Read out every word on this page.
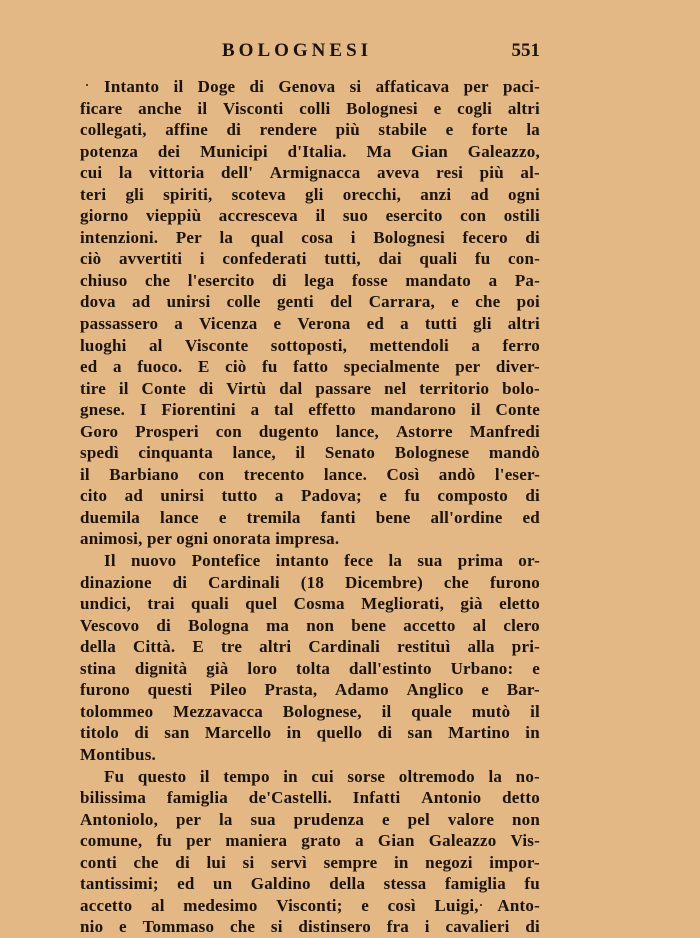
BOLOGNESI	551
Intanto il Doge di Genova si affaticava per paci-
ficare anche il Visconti colli Bolognesi e cogli altri
collegati, affine di rendere più stabile e forte la
potenza dei Municipi d'Italia. Ma Gian Galeazzo,
cui la vittoria dell' Armignacca aveva resi più al-
teri gli spiriti, scoteva gli orecchi, anzi ad ogni
giorno vieppiù accresceva il suo esercito con ostili
intenzioni. Per la qual cosa i Bolognesi fecero di
ciò avvertiti i confederati tutti, dai quali fu con-
chiuso che l'esercito di lega fosse mandato a Pa-
dova ad unirsi colle genti del Carrara, e che poi
passassero a Vicenza e Verona ed a tutti gli altri
luoghi al Visconte sottoposti, mettendoli a ferro
ed a fuoco. E ciò fu fatto specialmente per diver-
tire il Conte di Virtù dal passare nel territorio bolo-
gnese. I Fiorentini a tal effetto mandarono il Conte
Goro Prosperi con dugento lance, Astorre Manfredi
spedì cinquanta lance, il Senato Bolognese mandò
il Barbiano con trecento lance. Così andò l'eser-
cito ad unirsi tutto a Padova; e fu composto di
duemila lance e tremila fanti bene all'ordine ed
animosi, per ogni onorata impresa.
Il nuovo Pontefice intanto fece la sua prima or-
dinazione di Cardinali (18 Dicembre) che furono
undici, trai quali quel Cosma Megliorati, già eletto
Vescovo di Bologna ma non bene accetto al clero
della Città. E tre altri Cardinali restituì alla pri-
stina dignità già loro tolta dall'estinto Urbano: e
furono questi Pileo Prasta, Adamo Anglico e Bar-
tolommeo Mezzavacca Bolognese, il quale mutò il
titolo di san Marcello in quello di san Martino in
Montibus.
Fu questo il tempo in cui sorse oltremodo la no-
bilissima famiglia de'Castelli. Infatti Antonio detto
Antoniolo, per la sua prudenza e pel valore non
comune, fu per maniera grato a Gian Galeazzo Vis-
conti che di lui si servì sempre in negozi impor-
tantissimi; ed un Galdino della stessa famiglia fu
accetto al medesimo Visconti; e così Luigi, Anto-
nio e Tommaso che si distinsero fra i cavalieri di
